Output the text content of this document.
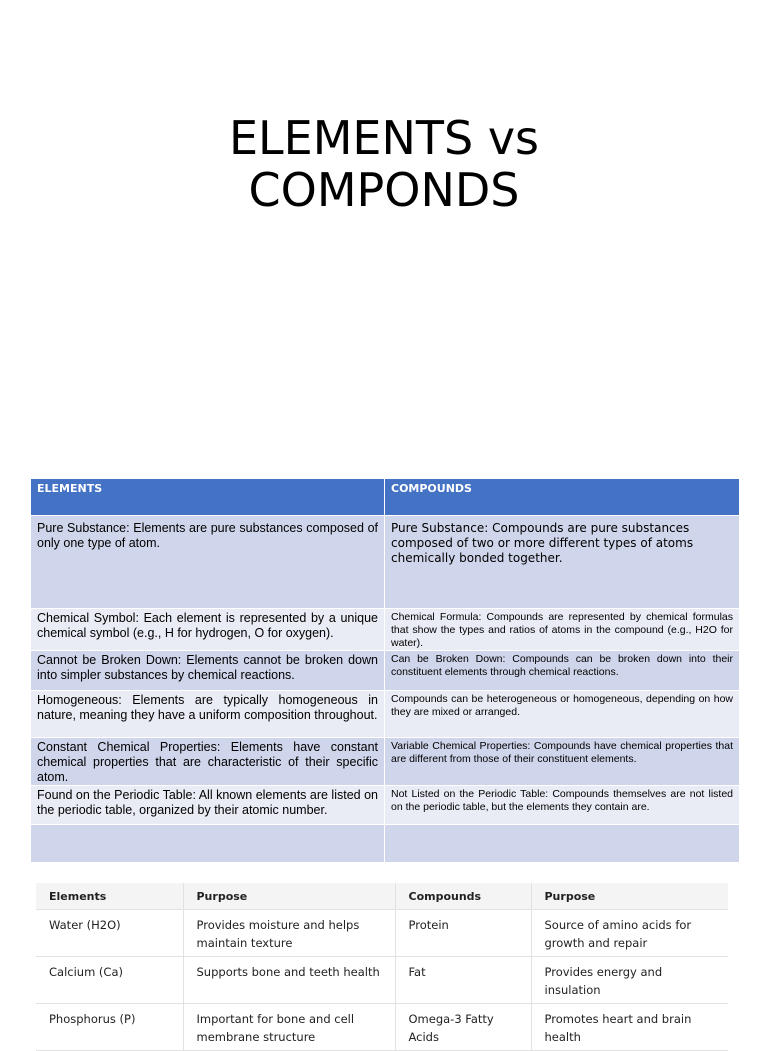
ELEMENTS vs
COMPONDS
ELEMENTS	COMPOUNDS
Pure Substance: Elements are pure substances composed of only one type of atom.	Pure Substance: Compounds are pure substances composed of two or more different types of atoms chemically bonded together.
Chemical Symbol: Each element is represented by a unique chemical symbol (e.g., H for hydrogen, O for oxygen).	Chemical Formula: Compounds are represented by chemical formulas that show the types and ratios of atoms in the compound (e.g., H2O for water).
Cannot be Broken Down: Elements cannot be broken down into simpler substances by chemical reactions.	Can be Broken Down: Compounds can be broken down into their constituent elements through chemical reactions.
Homogeneous: Elements are typically homogeneous in nature, meaning they have a uniform composition throughout.	Compounds can be heterogeneous or homogeneous, depending on how they are mixed or arranged.
Constant Chemical Properties: Elements have constant chemical properties that are characteristic of their specific atom.	Variable Chemical Properties: Compounds have chemical properties that are different from those of their constituent elements.
Found on the Periodic Table: All known elements are listed on the periodic table, organized by their atomic number.	Not Listed on the Periodic Table: Compounds themselves are not listed on the periodic table, but the elements they contain are.

Elements	Purpose	Compounds	Purpose
Water (H2O)	Provides moisture and helps maintain texture	Protein	Source of amino acids for growth and repair
Calcium (Ca)	Supports bone and teeth health	Fat	Provides energy and insulation
Phosphorus (P)	Important for bone and cell membrane structure	Omega-3 Fatty Acids	Promotes heart and brain health
